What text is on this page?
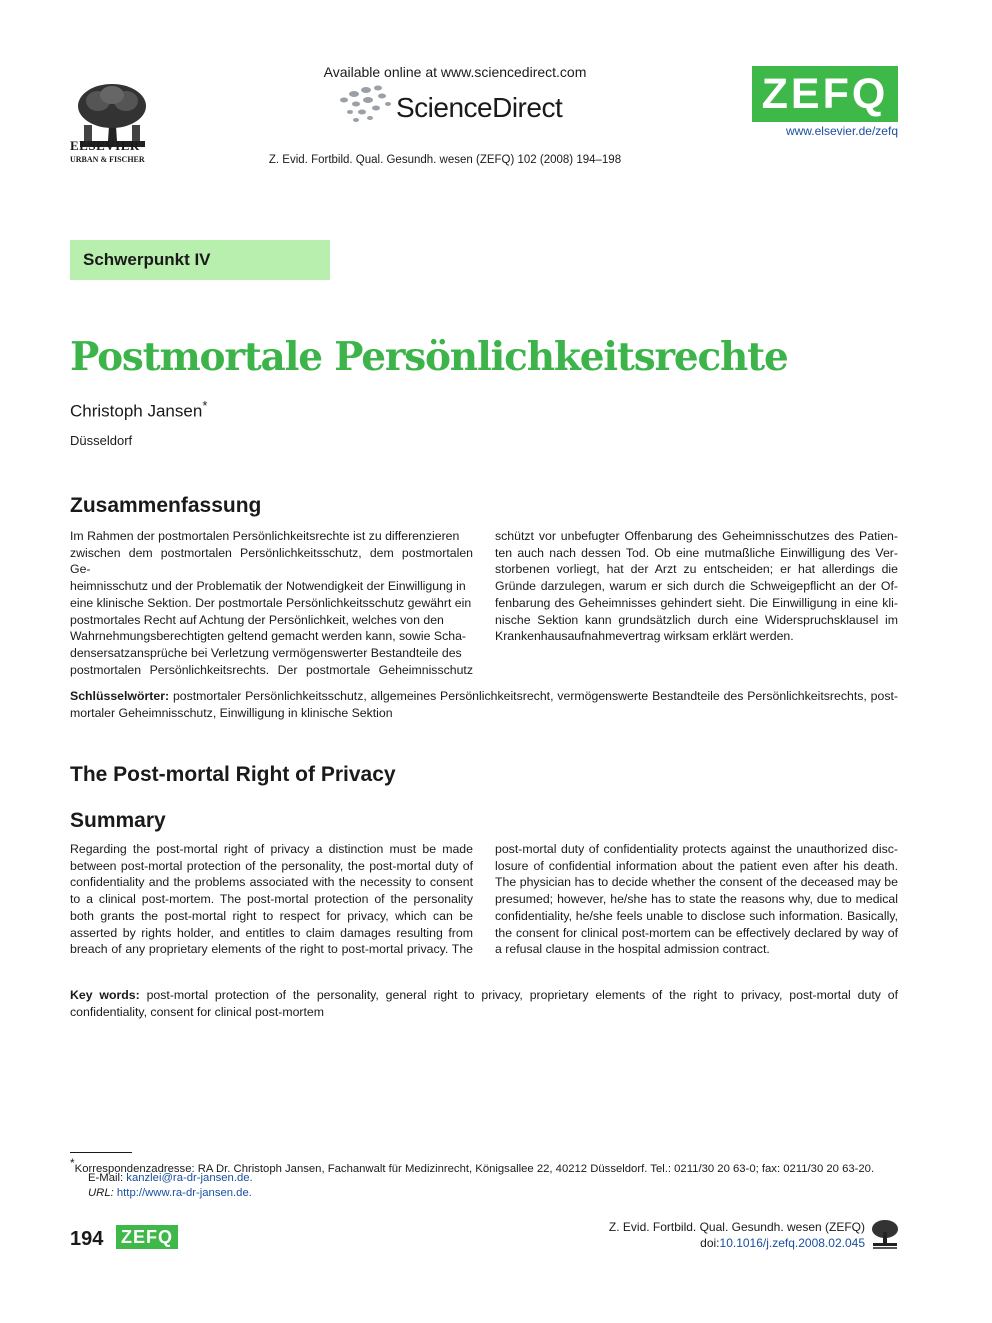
ELSEVIER
URBAN & FISCHER
Available online at www.sciencedirect.com
ScienceDirect
Z. Evid. Fortbild. Qual. Gesundh. wesen (ZEFQ) 102 (2008) 194–198
ZEFQ
www.elsevier.de/zefq
Schwerpunkt IV
Postmortale Persönlichkeitsrechte
Christoph Jansen*
Düsseldorf
Zusammenfassung
Im Rahmen der postmortalen Persönlichkeitsrechte ist zu differenzieren
zwischen dem postmortalen Persönlichkeitsschutz, dem postmortalen Ge-
heimnisschutz und der Problematik der Notwendigkeit der Einwilligung in
eine klinische Sektion. Der postmortale Persönlichkeitsschutz gewährt ein
postmortales Recht auf Achtung der Persönlichkeit, welches von den
Wahrnehmungsberechtigten geltend gemacht werden kann, sowie Scha-
densersatzansprüche bei Verletzung vermögenswerter Bestandteile des
postmortalen Persönlichkeitsrechts. Der postmortale Geheimnisschutz
schützt vor unbefugter Offenbarung des Geheimnisschutzes des Patien-
ten auch nach dessen Tod. Ob eine mutmaßliche Einwilligung des Ver-
storbenen vorliegt, hat der Arzt zu entscheiden; er hat allerdings die
Gründe darzulegen, warum er sich durch die Schweigepflicht an der Of-
fenbarung des Geheimnisses gehindert sieht. Die Einwilligung in eine kli-
nische Sektion kann grundsätzlich durch eine Widerspruchsklausel im
Krankenhausaufnahmevertrag wirksam erklärt werden.
Schlüsselwörter: postmortaler Persönlichkeitsschutz, allgemeines Persönlichkeitsrecht, vermögenswerte Bestandteile des Persönlichkeitsrechts, post-mortaler Geheimnisschutz, Einwilligung in klinische Sektion
The Post-mortal Right of Privacy
Summary
Regarding the post-mortal right of privacy a distinction must be made
between post-mortal protection of the personality, the post-mortal duty of
confidentiality and the problems associated with the necessity to consent
to a clinical post-mortem. The post-mortal protection of the personality
both grants the post-mortal right to respect for privacy, which can be
asserted by rights holder, and entitles to claim damages resulting from
breach of any proprietary elements of the right to post-mortal privacy. The
post-mortal duty of confidentiality protects against the unauthorized disc-
losure of confidential information about the patient even after his death.
The physician has to decide whether the consent of the deceased may be
presumed; however, he/she has to state the reasons why, due to medical
confidentiality, he/she feels unable to disclose such information. Basically,
the consent for clinical post-mortem can be effectively declared by way of
a refusal clause in the hospital admission contract.
Key words: post-mortal protection of the personality, general right to privacy, proprietary elements of the right to privacy, post-mortal duty of confidentiality, consent for clinical post-mortem
*Korrespondenzadresse: RA Dr. Christoph Jansen, Fachanwalt für Medizinrecht, Königsallee 22, 40212 Düsseldorf. Tel.: 0211/30 20 63-0; fax: 0211/30 20 63-20.
E-Mail: kanzlei@ra-dr-jansen.de.
URL: http://www.ra-dr-jansen.de.
194 ZEFQ	Z. Evid. Fortbild. Qual. Gesundh. wesen (ZEFQ)
doi:10.1016/j.zefq.2008.02.045
